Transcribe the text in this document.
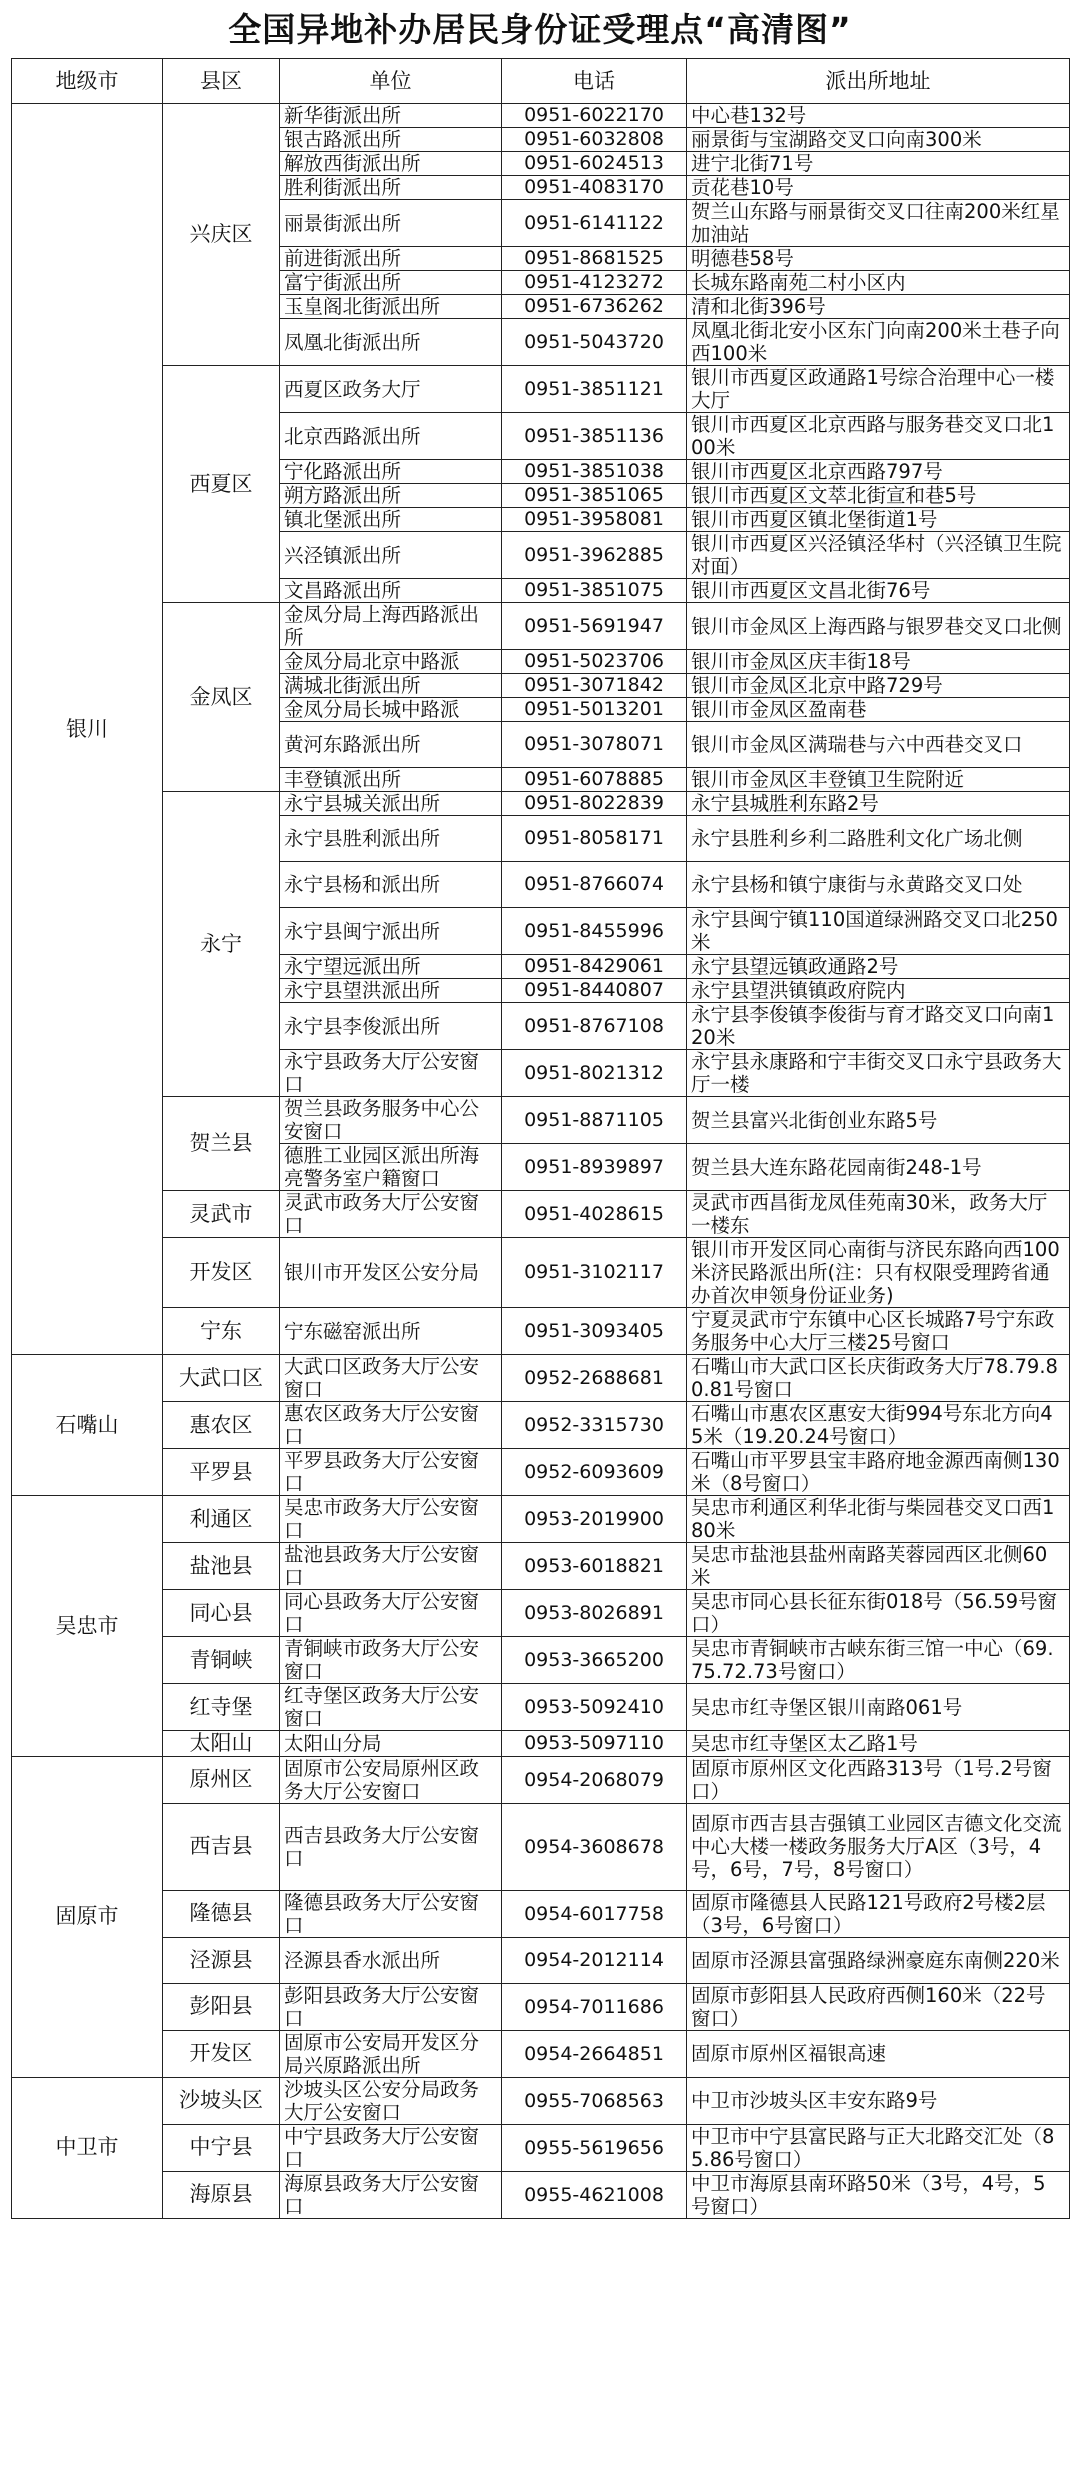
全国异地补办居民身份证受理点“高清图”
地级市	县区	单位	电话	派出所地址
银川	兴庆区	新华街派出所	0951-6022170	中心巷132号
		银古路派出所	0951-6032808	丽景街与宝湖路交叉口向南300米
		解放西街派出所	0951-6024513	进宁北街71号
		胜利街派出所	0951-4083170	贡花巷10号
		丽景街派出所	0951-6141122	贺兰山东路与丽景街交叉口往南200米红星加油站
		前进街派出所	0951-8681525	明德巷58号
		富宁街派出所	0951-4123272	长城东路南苑二村小区内
		玉皇阁北街派出所	0951-6736262	清和北街396号
		凤凰北街派出所	0951-5043720	凤凰北街北安小区东门向南200米土巷子向西100米
	西夏区	西夏区政务大厅	0951-3851121	银川市西夏区政通路1号综合治理中心一楼大厅
		北京西路派出所	0951-3851136	银川市西夏区北京西路与服务巷交叉口北100米
		宁化路派出所	0951-3851038	银川市西夏区北京西路797号
		朔方路派出所	0951-3851065	银川市西夏区文萃北街宣和巷5号
		镇北堡派出所	0951-3958081	银川市西夏区镇北堡街道1号
		兴泾镇派出所	0951-3962885	银川市西夏区兴泾镇泾华村（兴泾镇卫生院对面）
		文昌路派出所	0951-3851075	银川市西夏区文昌北街76号
	金凤区	金凤分局上海西路派出所	0951-5691947	银川市金凤区上海西路与银罗巷交叉口北侧
		金凤分局北京中路派	0951-5023706	银川市金凤区庆丰街18号
		满城北街派出所	0951-3071842	银川市金凤区北京中路729号
		金凤分局长城中路派	0951-5013201	银川市金凤区盈南巷
		黄河东路派出所	0951-3078071	银川市金凤区满瑞巷与六中西巷交叉口
		丰登镇派出所	0951-6078885	银川市金凤区丰登镇卫生院附近
	永宁	永宁县城关派出所	0951-8022839	永宁县城胜利东路2号
		永宁县胜利派出所	0951-8058171	永宁县胜利乡利二路胜利文化广场北侧
		永宁县杨和派出所	0951-8766074	永宁县杨和镇宁康街与永黄路交叉口处
		永宁县闽宁派出所	0951-8455996	永宁县闽宁镇110国道绿洲路交叉口北250米
		永宁望远派出所	0951-8429061	永宁县望远镇政通路2号
		永宁县望洪派出所	0951-8440807	永宁县望洪镇镇政府院内
		永宁县李俊派出所	0951-8767108	永宁县李俊镇李俊街与育才路交叉口向南120米
		永宁县政务大厅公安窗口	0951-8021312	永宁县永康路和宁丰街交叉口永宁县政务大厅一楼
	贺兰县	贺兰县政务服务中心公安窗口	0951-8871105	贺兰县富兴北街创业东路5号
		德胜工业园区派出所海亮警务室户籍窗口	0951-8939897	贺兰县大连东路花园南街248-1号
	灵武市	灵武市政务大厅公安窗口	0951-4028615	灵武市西昌街龙凤佳苑南30米，政务大厅一楼东
	开发区	银川市开发区公安分局	0951-3102117	银川市开发区同心南街与济民东路向西100米济民路派出所(注：只有权限受理跨省通办首次申领身份证业务)
	宁东	宁东磁窑派出所	0951-3093405	宁夏灵武市宁东镇中心区长城路7号宁东政务服务中心大厅三楼25号窗口
石嘴山	大武口区	大武口区政务大厅公安窗口	0952-2688681	石嘴山市大武口区长庆街政务大厅78.79.80.81号窗口
	惠农区	惠农区政务大厅公安窗口	0952-3315730	石嘴山市惠农区惠安大街994号东北方向45米（19.20.24号窗口）
	平罗县	平罗县政务大厅公安窗口	0952-6093609	石嘴山市平罗县宝丰路府地金源西南侧130米（8号窗口）
吴忠市	利通区	吴忠市政务大厅公安窗口	0953-2019900	吴忠市利通区利华北街与柴园巷交叉口西180米
	盐池县	盐池县政务大厅公安窗口	0953-6018821	吴忠市盐池县盐州南路芙蓉园西区北侧60米
	同心县	同心县政务大厅公安窗口	0953-8026891	吴忠市同心县长征东街018号（56.59号窗口）
	青铜峡	青铜峡市政务大厅公安窗口	0953-3665200	吴忠市青铜峡市古峡东街三馆一中心（69.75.72.73号窗口）
	红寺堡	红寺堡区政务大厅公安窗口	0953-5092410	吴忠市红寺堡区银川南路061号
	太阳山	太阳山分局	0953-5097110	吴忠市红寺堡区太乙路1号
固原市	原州区	固原市公安局原州区政务大厅公安窗口	0954-2068079	固原市原州区文化西路313号（1号.2号窗口）
	西吉县	西吉县政务大厅公安窗口	0954-3608678	固原市西吉县吉强镇工业园区吉德文化交流中心大楼一楼政务服务大厅A区（3号，4号，6号，7号，8号窗口）
	隆德县	隆德县政务大厅公安窗口	0954-6017758	固原市隆德县人民路121号政府2号楼2层（3号，6号窗口）
	泾源县	泾源县香水派出所	0954-2012114	固原市泾源县富强路绿洲豪庭东南侧220米
	彭阳县	彭阳县政务大厅公安窗口	0954-7011686	固原市彭阳县人民政府西侧160米（22号窗口）
	开发区	固原市公安局开发区分局兴原路派出所	0954-2664851	固原市原州区福银高速
中卫市	沙坡头区	沙坡头区公安分局政务大厅公安窗口	0955-7068563	中卫市沙坡头区丰安东路9号
	中宁县	中宁县政务大厅公安窗口	0955-5619656	中卫市中宁县富民路与正大北路交汇处（85.86号窗口）
	海原县	海原县政务大厅公安窗口	0955-4621008	中卫市海原县南环路50米（3号，4号，5号窗口）
